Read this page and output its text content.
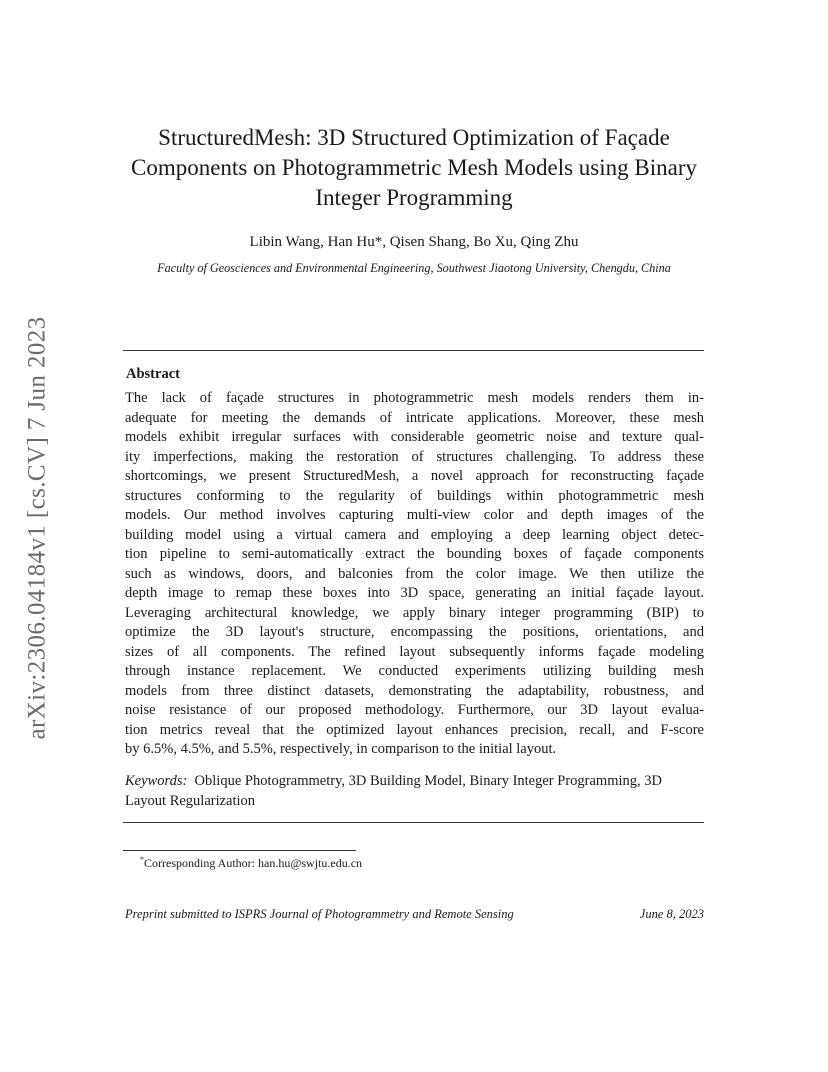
arXiv:2306.04184v1 [cs.CV] 7 Jun 2023
StructuredMesh: 3D Structured Optimization of Façade Components on Photogrammetric Mesh Models using Binary Integer Programming
Libin Wang, Han Hu*, Qisen Shang, Bo Xu, Qing Zhu
Faculty of Geosciences and Environmental Engineering, Southwest Jiaotong University, Chengdu, China
Abstract
The lack of façade structures in photogrammetric mesh models renders them in-
adequate for meeting the demands of intricate applications. Moreover, these mesh
models exhibit irregular surfaces with considerable geometric noise and texture qual-
ity imperfections, making the restoration of structures challenging. To address these
shortcomings, we present StructuredMesh, a novel approach for reconstructing façade
structures conforming to the regularity of buildings within photogrammetric mesh
models. Our method involves capturing multi-view color and depth images of the
building model using a virtual camera and employing a deep learning object detec-
tion pipeline to semi-automatically extract the bounding boxes of façade components
such as windows, doors, and balconies from the color image. We then utilize the
depth image to remap these boxes into 3D space, generating an initial façade layout.
Leveraging architectural knowledge, we apply binary integer programming (BIP) to
optimize the 3D layout's structure, encompassing the positions, orientations, and
sizes of all components. The refined layout subsequently informs façade modeling
through instance replacement. We conducted experiments utilizing building mesh
models from three distinct datasets, demonstrating the adaptability, robustness, and
noise resistance of our proposed methodology. Furthermore, our 3D layout evalua-
tion metrics reveal that the optimized layout enhances precision, recall, and F-score
by 6.5%, 4.5%, and 5.5%, respectively, in comparison to the initial layout.
Keywords: Oblique Photogrammetry, 3D Building Model, Binary Integer Programming, 3D Layout Regularization
*Corresponding Author: han.hu@swjtu.edu.cn
Preprint submitted to ISPRS Journal of Photogrammetry and Remote Sensing	June 8, 2023
